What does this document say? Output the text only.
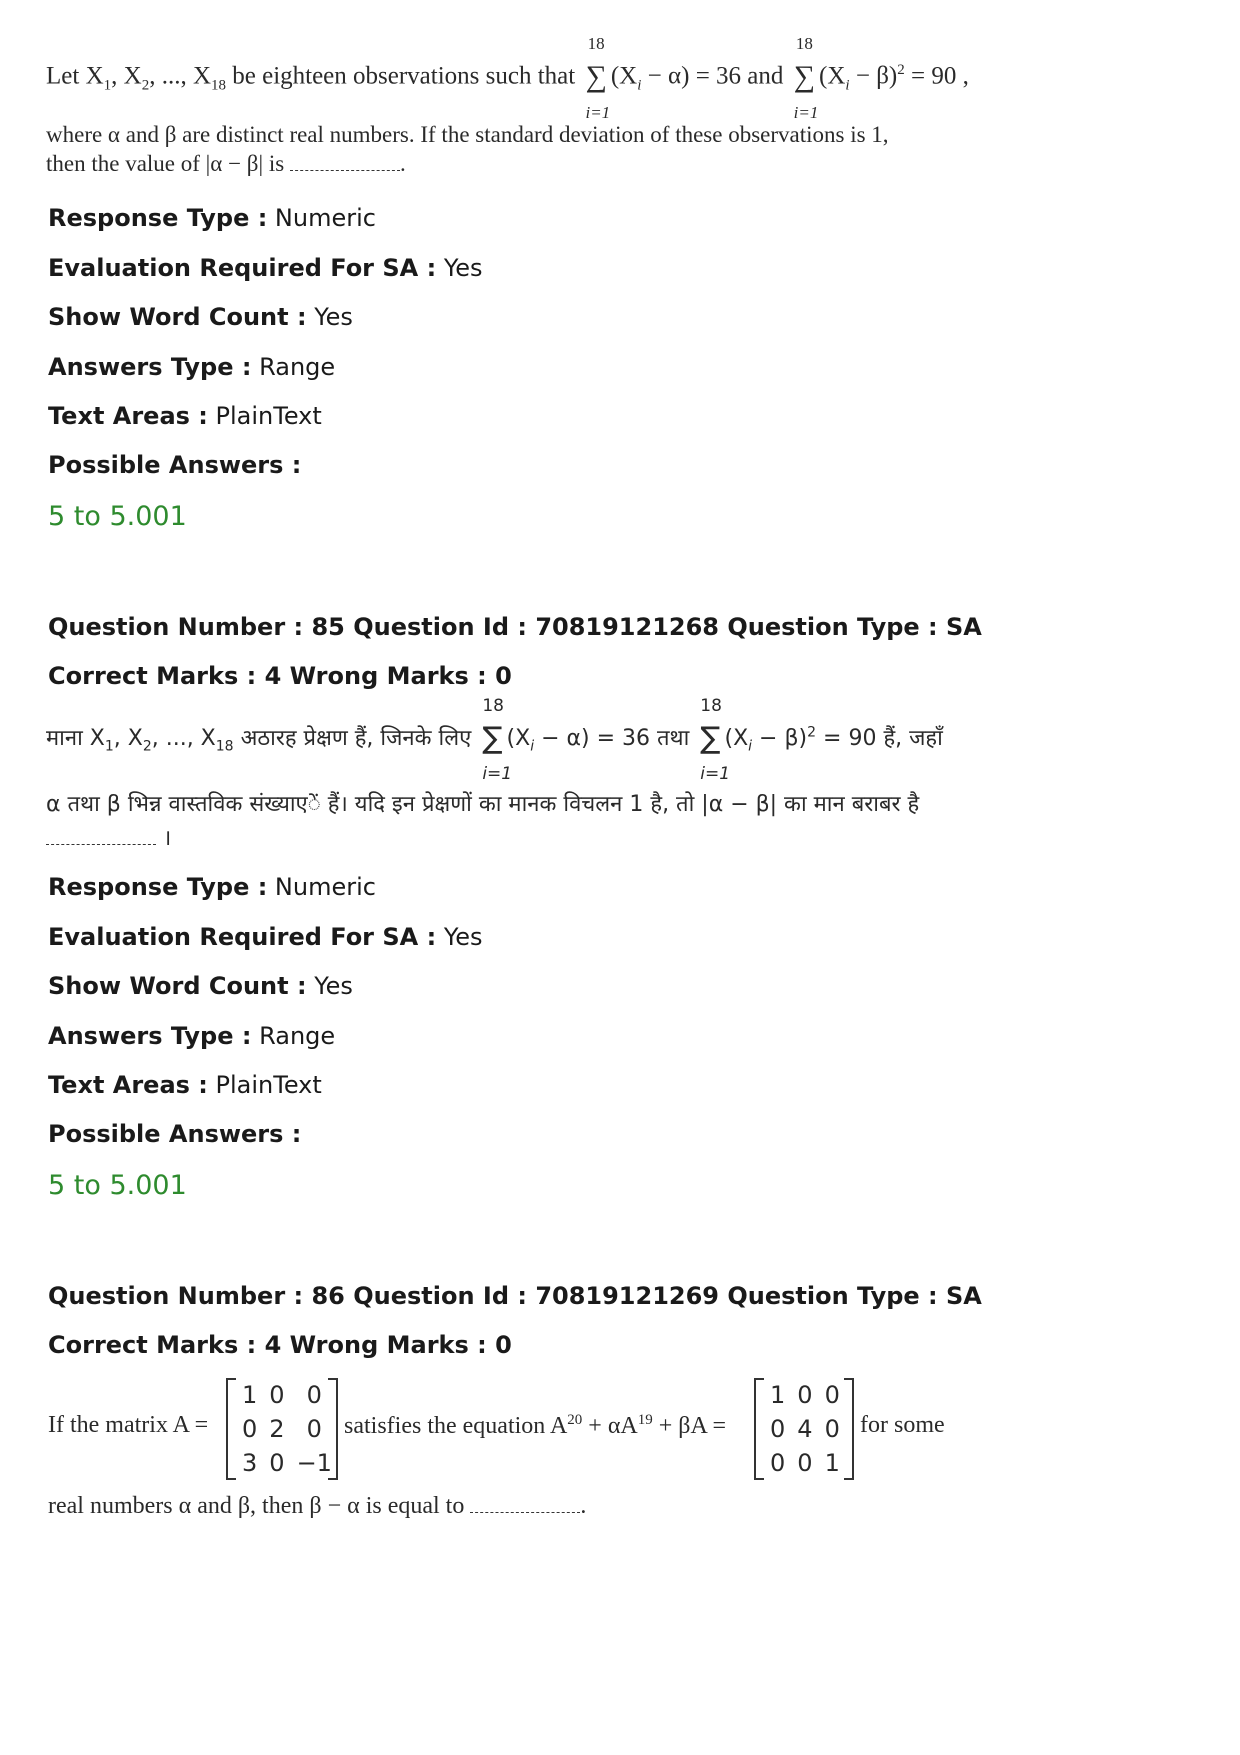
Let $X_1$, $X_2$, ..., $X_{18}$ be eighteen observations such that
18
∑
i=1
$(X_i - \alpha) = 36$ and
18
∑
i=1
$(X_i - \beta)^2 = 90$ ,
where α and β are distinct real numbers. If the standard deviation of these observations is 1,
then the value of |α − β| is	.
Response Type : Numeric
Evaluation Required For SA : Yes
Show Word Count : Yes
Answers Type : Range
Text Areas : PlainText
Possible Answers :
5 to 5.001
Question Number : 85 Question Id : 70819121268 Question Type : SA
Correct Marks : 4 Wrong Marks : 0
माना $X_1$, $X_2$, ..., $X_{18}$ अठारह प्रेक्षण हैं, जिनके लिए
18
∑
i=1
$(X_i - \alpha) = 36$ तथा
18
∑
i=1
$(X_i - \beta)^2 = 90$ हैं, जहाँ
α तथा β भिन्न वास्तविक संख्याएें हैं। यदि इन प्रेक्षणों का मानक विचलन 1 है, तो |α − β| का मान बराबर है
।
Response Type : Numeric
Evaluation Required For SA : Yes
Show Word Count : Yes
Answers Type : Range
Text Areas : PlainText
Possible Answers :
5 to 5.001
Question Number : 86 Question Id : 70819121269 Question Type : SA
Correct Marks : 4 Wrong Marks : 0
If the matrix A =
1	0	0
0	2	0
3	0	−1
satisfies the equation $A^{20} + \alpha A^{19} + \beta A$ =
1	0	0
0	4	0
0	0	1
for some
real numbers α and β, then β − α is equal to	.
